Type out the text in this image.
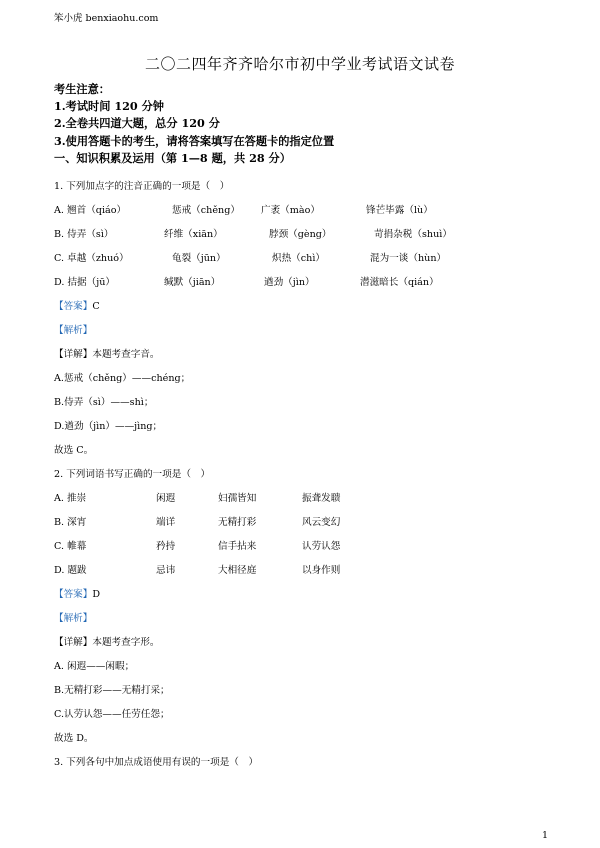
笨小虎 benxiaohu.com
二〇二四年齐齐哈尔市初中学业考试语文试卷
考生注意：
1.考试时间 120 分钟
2.全卷共四道大题，总分 120 分
3.使用答题卡的考生，请将答案填写在答题卡的指定位置
一、知识积累及运用（第 1—8 题，共 28 分）
1. 下列加点字的注音正确的一项是（　）
A. 翘首（qiáo）	惩戒（chěng） 广袤（mào）	锋芒毕露（lù）
B. 侍弄（sì）	纤维（xiān）	脖颈（gèng）	苛捐杂税（shuì）
C. 卓越（zhuó）	龟裂（jūn）	炽热（chì）	混为一谈（hùn）
D. 拮据（jū）	缄默（jiān）	遒劲（jìn）	潜滋暗长（qián）
【答案】C
【解析】
【详解】本题考查字音。
A.惩戒（chěng）——chéng；
B.侍弄（sì）——shì；
D.遒劲（jìn）——jìng；
故选 C。
2. 下列词语书写正确的一项是（　）
A. 推崇	闲遐	妇孺皆知	振聋发聩
B. 深宵	端详	无精打彩	风云变幻
C. 帷幕	矜持	信手拈来	认劳认怨
D. 题跋	忌讳	大相径庭	以身作则
【答案】D
【解析】
【详解】本题考查字形。
A. 闲遐——闲暇；
B.无精打彩——无精打采；
C.认劳认怨——任劳任怨；
故选 D。
3. 下列各句中加点成语使用有误的一项是（　）
1
